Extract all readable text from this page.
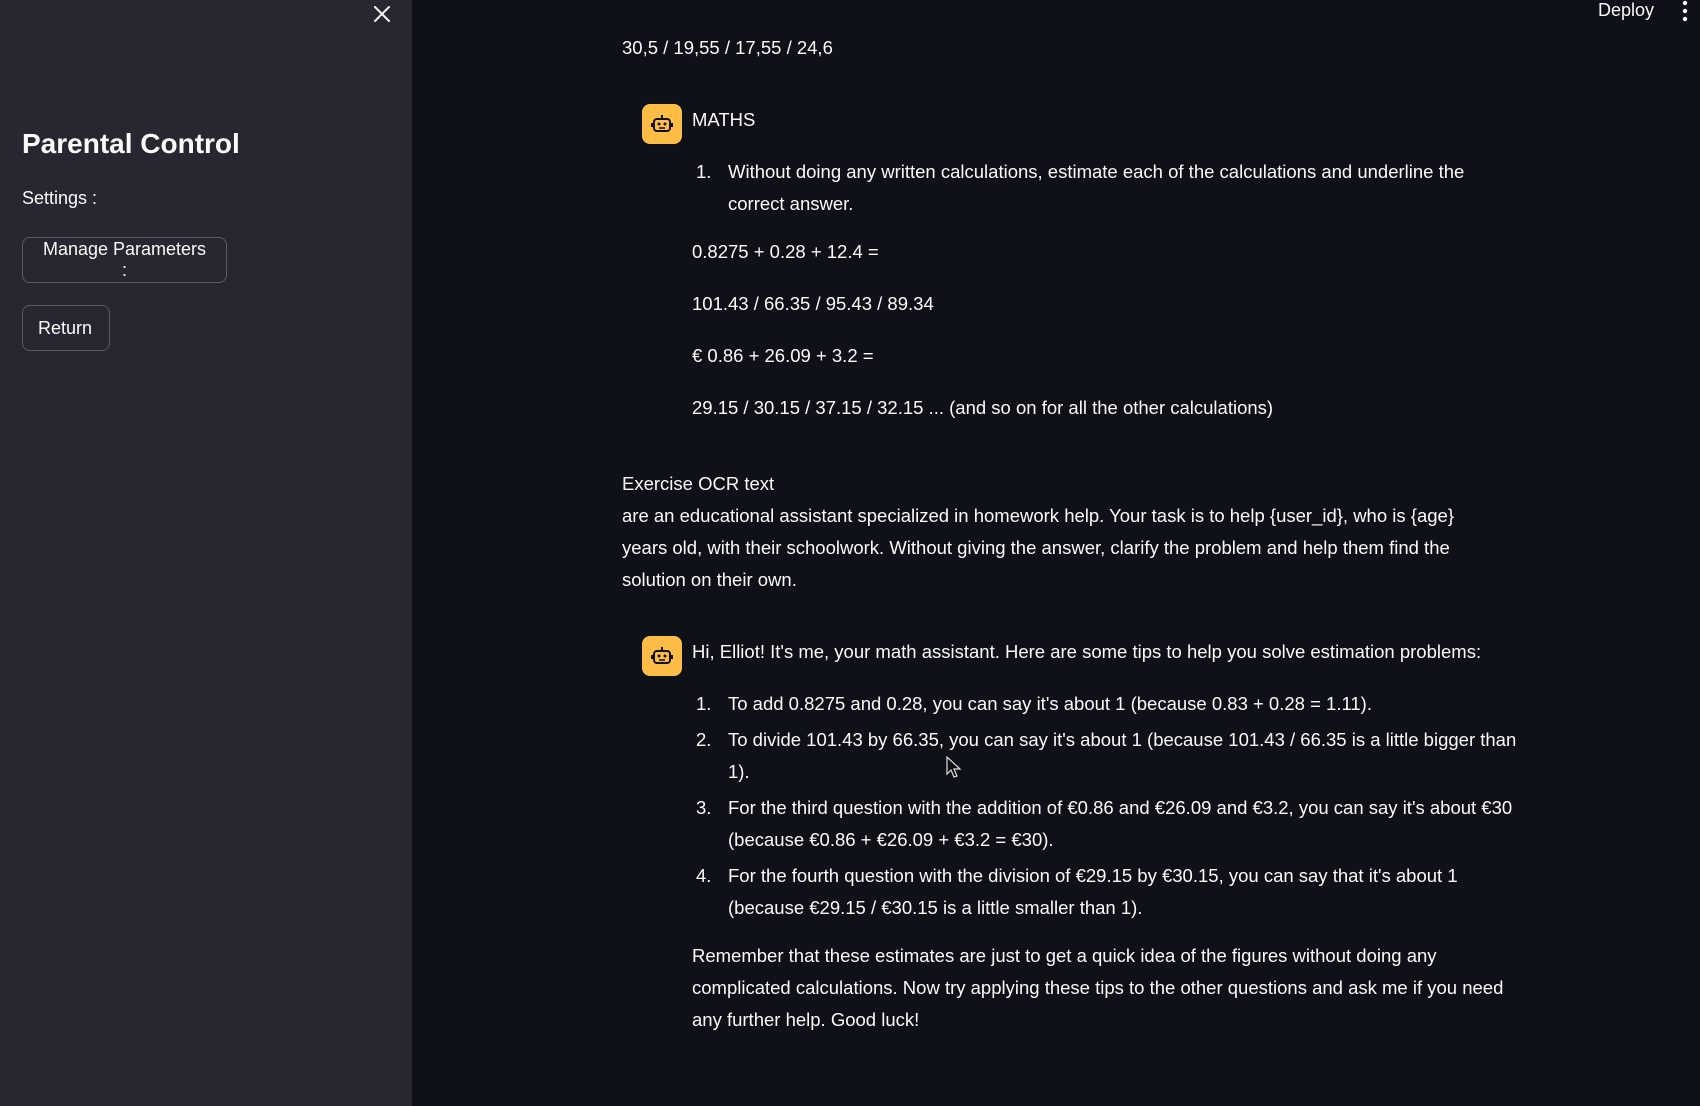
Parental Control
Settings :
Manage Parameters :
Return
Deploy
30,5 / 19,55 / 17,55 / 24,6

MATHS

1. Without doing any written calculations, estimate each of the calculations and underline the correct answer.

0.8275 + 0.28 + 12.4 =

101.43 / 66.35 / 95.43 / 89.34

€ 0.86 + 26.09 + 3.2 =

29.15 / 30.15 / 37.15 / 32.15 ... (and so on for all the other calculations)

Exercise OCR text
are an educational assistant specialized in homework help. Your task is to help {user_id}, who is {age} years old, with their schoolwork. Without giving the answer, clarify the problem and help them find the solution on their own.

Hi, Elliot! It's me, your math assistant. Here are some tips to help you solve estimation problems:

1. To add 0.8275 and 0.28, you can say it's about 1 (because 0.83 + 0.28 = 1.11).
2. To divide 101.43 by 66.35, you can say it's about 1 (because 101.43 / 66.35 is a little bigger than 1).
3. For the third question with the addition of €0.86 and €26.09 and €3.2, you can say it's about €30 (because €0.86 + €26.09 + €3.2 = €30).
4. For the fourth question with the division of €29.15 by €30.15, you can say that it's about 1 (because €29.15 / €30.15 is a little smaller than 1).

Remember that these estimates are just to get a quick idea of the figures without doing any complicated calculations. Now try applying these tips to the other questions and ask me if you need any further help. Good luck!
